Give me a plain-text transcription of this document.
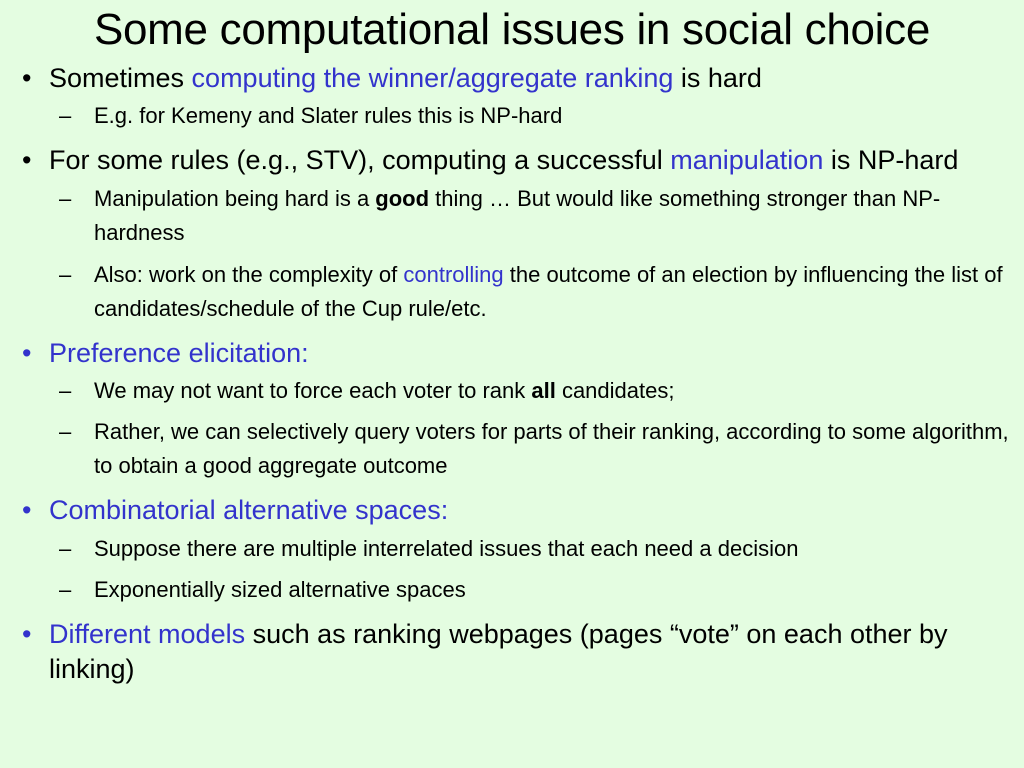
Some computational issues in social choice
• Sometimes computing the winner/aggregate ranking is hard
– E.g. for Kemeny and Slater rules this is NP-hard
• For some rules (e.g., STV), computing a successful manipulation is NP-hard
– Manipulation being hard is a good thing … But would like something stronger than NP-hardness
– Also: work on the complexity of controlling the outcome of an election by influencing the list of candidates/schedule of the Cup rule/etc.
• Preference elicitation:
– We may not want to force each voter to rank all candidates;
– Rather, we can selectively query voters for parts of their ranking, according to some algorithm, to obtain a good aggregate outcome
• Combinatorial alternative spaces:
– Suppose there are multiple interrelated issues that each need a decision
– Exponentially sized alternative spaces
• Different models such as ranking webpages (pages “vote” on each other by linking)
